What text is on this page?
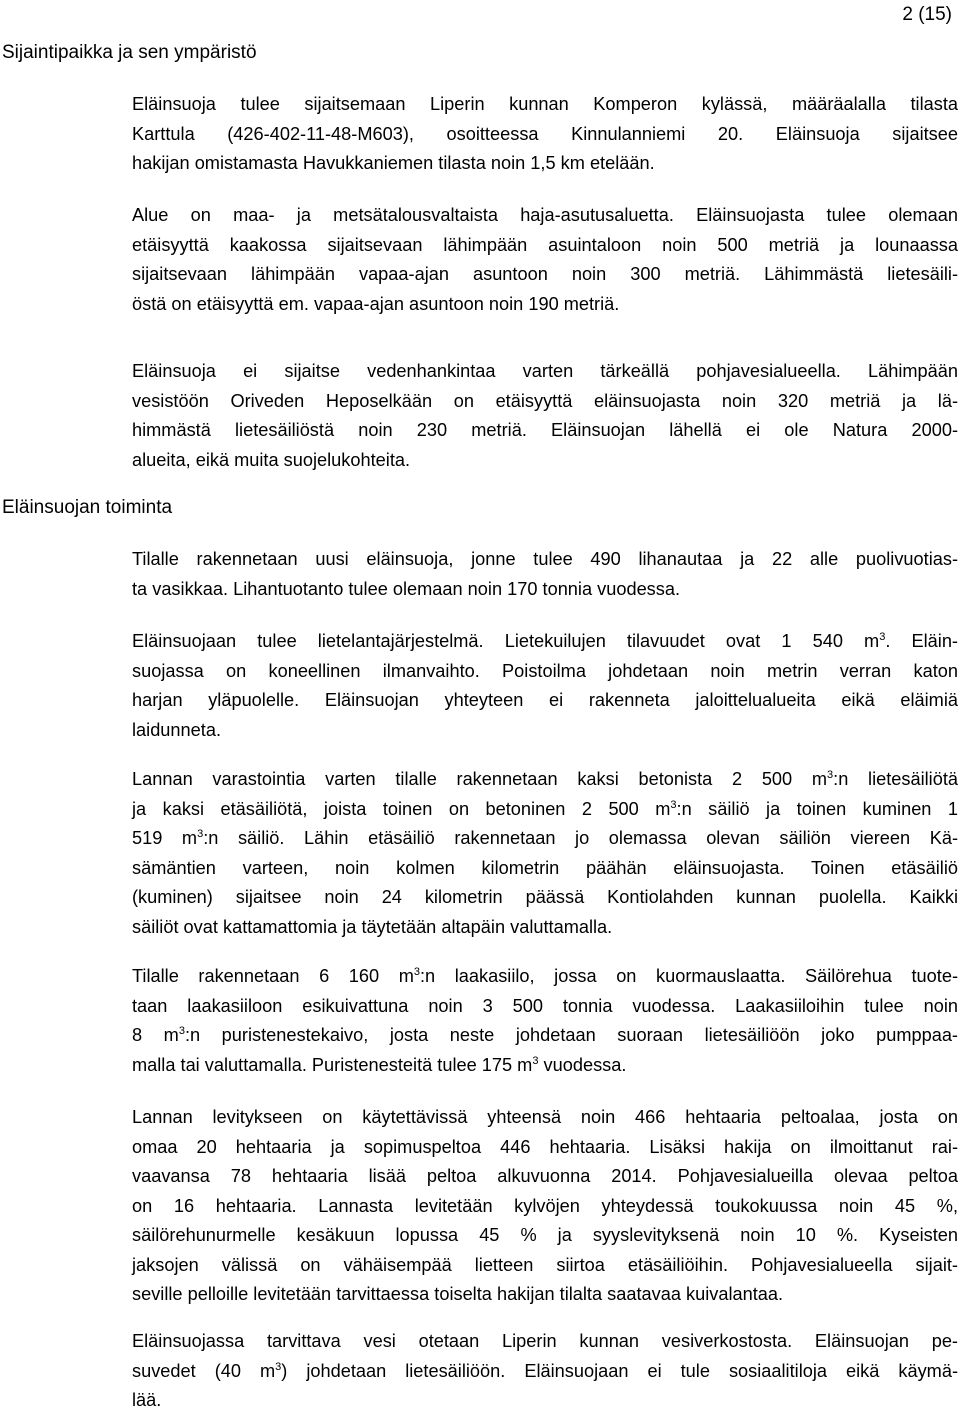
2 (15)
Sijaintipaikka ja sen ympäristö
Eläinsuojan toiminta
Eläinsuoja tulee sijaitsemaan Liperin kunnan Komperon kylässä, määräalalla tilasta
Karttula (426-402-11-48-M603), osoitteessa Kinnulanniemi 20. Eläinsuoja sijaitsee
hakijan omistamasta Havukkaniemen tilasta noin 1,5 km etelään.
Alue on maa- ja metsätalousvaltaista haja-asutusaluetta. Eläinsuojasta tulee olemaan
etäisyyttä kaakossa sijaitsevaan lähimpään asuintaloon noin 500 metriä ja lounaassa
sijaitsevaan lähimpään vapaa-ajan asuntoon noin 300 metriä. Lähimmästä lietesäili-
östä on etäisyyttä em. vapaa-ajan asuntoon noin 190 metriä.
Eläinsuoja ei sijaitse vedenhankintaa varten tärkeällä pohjavesialueella. Lähimpään
vesistöön Oriveden Heposelkään on etäisyyttä eläinsuojasta noin 320 metriä ja lä-
himmästä lietesäiliöstä noin 230 metriä. Eläinsuojan lähellä ei ole Natura 2000-
alueita, eikä muita suojelukohteita.
Tilalle rakennetaan uusi eläinsuoja, jonne tulee 490 lihanautaa ja 22 alle puolivuotias-
ta vasikkaa. Lihantuotanto tulee olemaan noin 170 tonnia vuodessa.
Eläinsuojaan tulee lietelantajärjestelmä. Lietekuilujen tilavuudet ovat 1 540 $m^3$. Eläin-
suojassa on koneellinen ilmanvaihto. Poistoilma johdetaan noin metrin verran katon
harjan yläpuolelle. Eläinsuojan yhteyteen ei rakenneta jaloittelualueita eikä eläimiä
laidunneta.
Lannan varastointia varten tilalle rakennetaan kaksi betonista 2 500 $m^3:n$ lietesäiliötä
ja kaksi etäsäiliötä, joista toinen on betoninen 2 500 $m^3:n$ säiliö ja toinen kuminen 1
519 $m^3:n$ säiliö. Lähin etäsäiliö rakennetaan jo olemassa olevan säiliön viereen Kä-
sämäntien varteen, noin kolmen kilometrin päähän eläinsuojasta. Toinen etäsäiliö
(kuminen) sijaitsee noin 24 kilometrin päässä Kontiolahden kunnan puolella. Kaikki
säiliöt ovat kattamattomia ja täytetään altapäin valuttamalla.
Tilalle rakennetaan 6 160 $m^3:n$ laakasiilo, jossa on kuormauslaatta. Säilörehua tuote-
taan laakasiiloon esikuivattuna noin 3 500 tonnia vuodessa. Laakasiiloihin tulee noin
8 $m^3:n$ puristenestekaivo, josta neste johdetaan suoraan lietesäiliöön joko pumppaa-
malla tai valuttamalla. Puristenesteitä tulee 175 $m^3$ vuodessa.
Lannan levitykseen on käytettävissä yhteensä noin 466 hehtaaria peltoalaa, josta on
omaa 20 hehtaaria ja sopimuspeltoa 446 hehtaaria. Lisäksi hakija on ilmoittanut rai-
vaavansa 78 hehtaaria lisää peltoa alkuvuonna 2014. Pohjavesialueilla olevaa peltoa
on 16 hehtaaria. Lannasta levitetään kylvöjen yhteydessä toukokuussa noin 45 %,
säilörehunurmelle kesäkuun lopussa 45 % ja syyslevityksenä noin 10 %. Kyseisten
jaksojen välissä on vähäisempää lietteen siirtoa etäsäiliöihin. Pohjavesialueella sijait-
seville pelloille levitetään tarvittaessa toiselta hakijan tilalta saatavaa kuivalantaa.
Eläinsuojassa tarvittava vesi otetaan Liperin kunnan vesiverkostosta. Eläinsuojan pe-
suvedet (40 $m^3$) johdetaan lietesäiliöön. Eläinsuojaan ei tule sosiaalitiloja eikä käymä-
lää.
